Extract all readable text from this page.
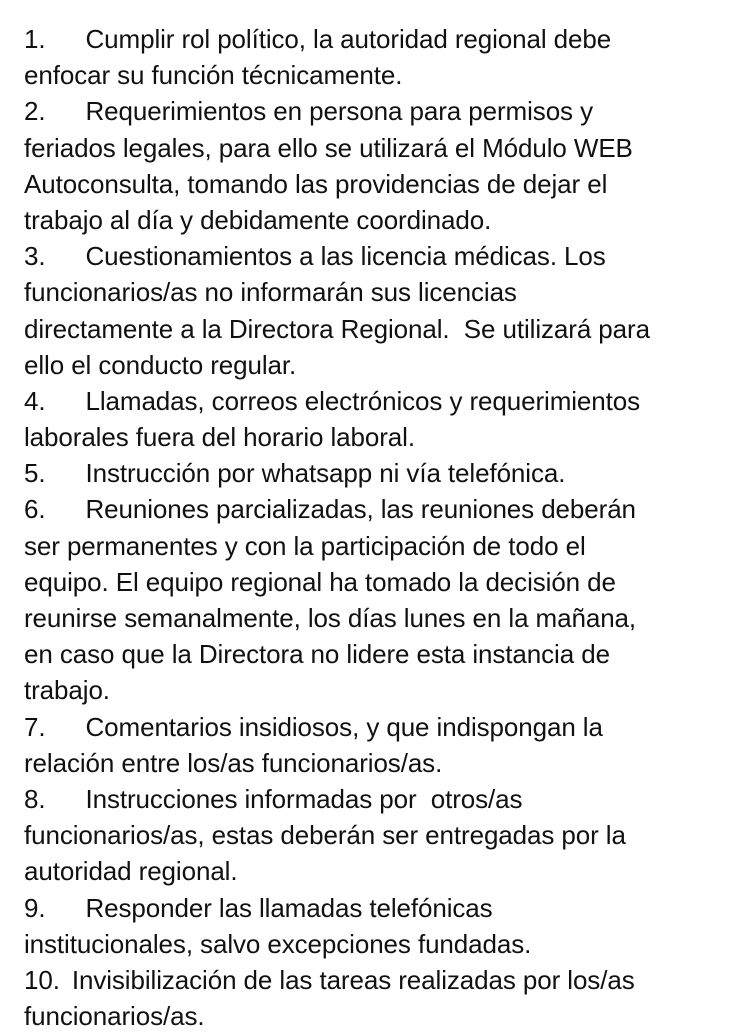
1. Cumplir rol político, la autoridad regional debe
enfocar su función técnicamente.
2. Requerimientos en persona para permisos y
feriados legales, para ello se utilizará el Módulo WEB
Autoconsulta, tomando las providencias de dejar el
trabajo al día y debidamente coordinado.
3. Cuestionamientos a las licencia médicas. Los
funcionarios/as no informarán sus licencias
directamente a la Directora Regional.  Se utilizará para
ello el conducto regular.
4. Llamadas, correos electrónicos y requerimientos
laborales fuera del horario laboral.
5. Instrucción por whatsapp ni vía telefónica.
6. Reuniones parcializadas, las reuniones deberán
ser permanentes y con la participación de todo el
equipo. El equipo regional ha tomado la decisión de
reunirse semanalmente, los días lunes en la mañana,
en caso que la Directora no lidere esta instancia de
trabajo.
7. Comentarios insidiosos, y que indispongan la
relación entre los/as funcionarios/as.
8. Instrucciones informadas por  otros/as
funcionarios/as, estas deberán ser entregadas por la
autoridad regional.
9. Responder las llamadas telefónicas
institucionales, salvo excepciones fundadas.
10. Invisibilización de las tareas realizadas por los/as
funcionarios/as.
